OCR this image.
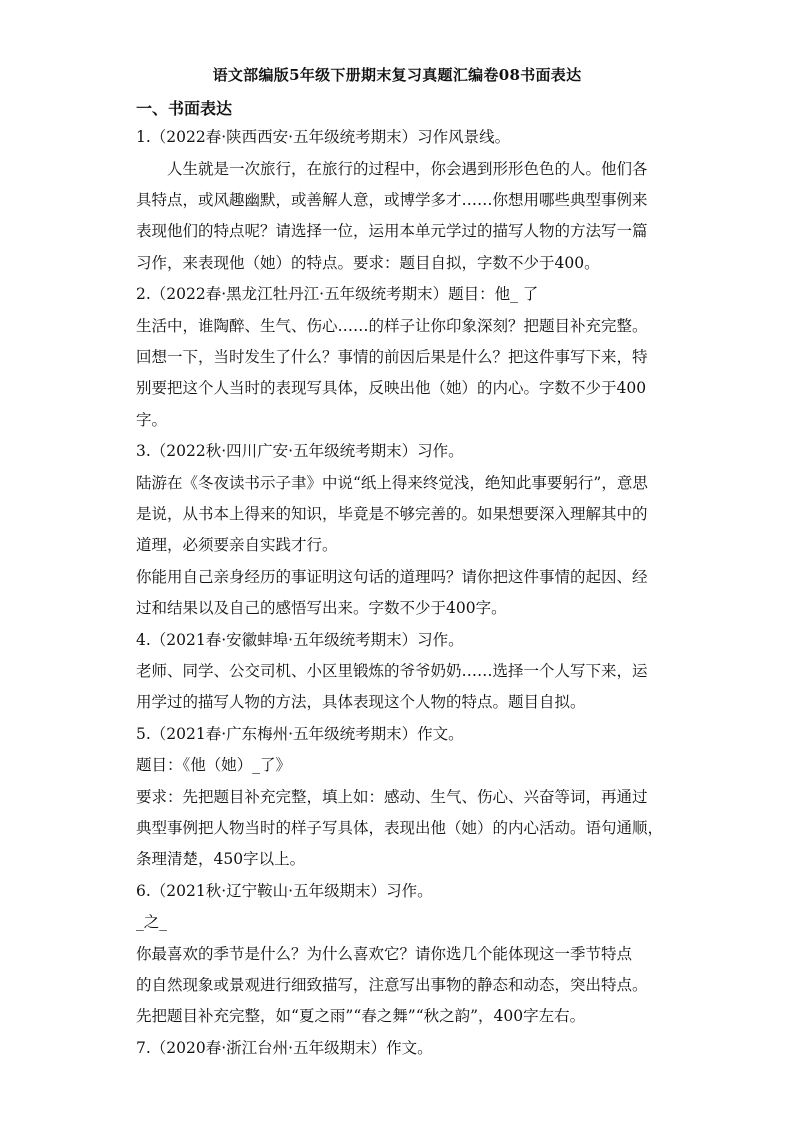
语文部编版5年级下册期末复习真题汇编卷08书面表达
一、书面表达
1.（2022春·陕西西安·五年级统考期末）习作风景线。
人生就是一次旅行，在旅行的过程中，你会遇到形形色色的人。他们各
具特点，或风趣幽默，或善解人意，或博学多才……你想用哪些典型事例来
表现他们的特点呢？请选择一位，运用本单元学过的描写人物的方法写一篇
习作，来表现他（她）的特点。要求：题目自拟，字数不少于400。
2.（2022春·黑龙江牡丹江·五年级统考期末）题目：他_ 了
生活中，谁陶醉、生气、伤心……的样子让你印象深刻？把题目补充完整。
回想一下，当时发生了什么？事情的前因后果是什么？把这件事写下来，特
别要把这个人当时的表现写具体，反映出他（她）的内心。字数不少于400
字。
3.（2022秋·四川广安·五年级统考期末）习作。
陆游在《冬夜读书示子聿》中说“纸上得来终觉浅，绝知此事要躬行”，意思
是说，从书本上得来的知识，毕竟是不够完善的。如果想要深入理解其中的
道理，必须要亲自实践才行。
你能用自己亲身经历的事证明这句话的道理吗？请你把这件事情的起因、经
过和结果以及自己的感悟写出来。字数不少于400字。
4.（2021春·安徽蚌埠·五年级统考期末）习作。
老师、同学、公交司机、小区里锻炼的爷爷奶奶……选择一个人写下来，运
用学过的描写人物的方法，具体表现这个人物的特点。题目自拟。
5.（2021春·广东梅州·五年级统考期末）作文。
题目：《他（她）_了》
要求：先把题目补充完整，填上如：感动、生气、伤心、兴奋等词，再通过
典型事例把人物当时的样子写具体，表现出他（她）的内心活动。语句通顺，
条理清楚，450字以上。
6.（2021秋·辽宁鞍山·五年级期末）习作。
_之_
你最喜欢的季节是什么？为什么喜欢它？请你选几个能体现这一季节特点
的自然现象或景观进行细致描写，注意写出事物的静态和动态，突出特点。
先把题目补充完整，如“夏之雨”“春之舞”“秋之韵”，400字左右。
7.（2020春·浙江台州·五年级期末）作文。
